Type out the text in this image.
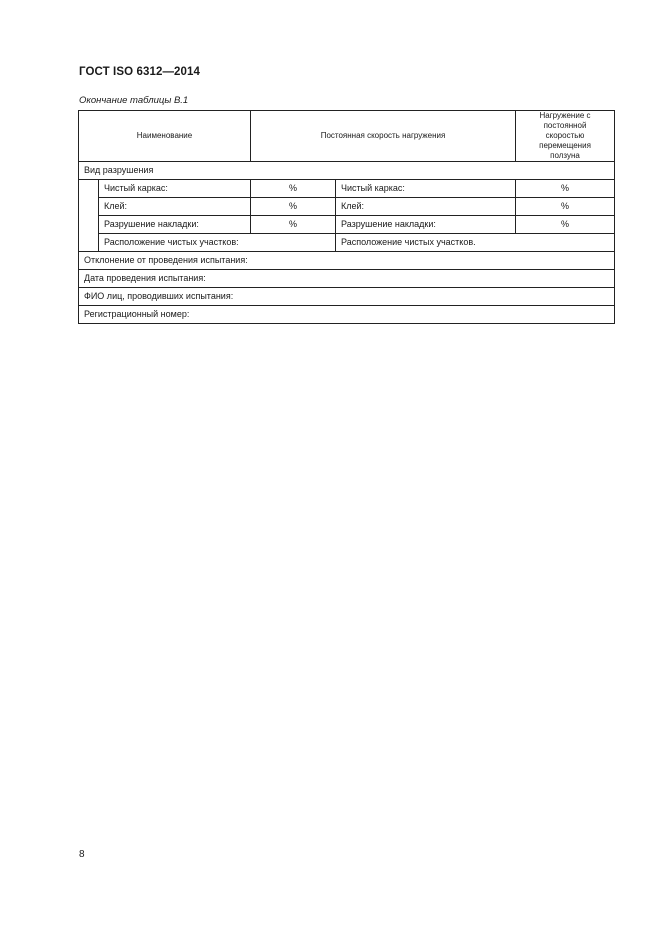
ГОСТ ISO 6312—2014
Окончание таблицы В.1
Наименование		Постоянная скорость нагружения		Нагружение с постоянной скоростью перемещения ползуна
Вид разрушения				
	Чистый каркас:	%	Чистый каркас:	%
	Клей:	%	Клей:	%
	Разрушение накладки:	%	Разрушение накладки:	%
	Расположение чистых участков:		Расположение чистых участков.	
Отклонение от проведения испытания:				
Дата проведения испытания:				
ФИО лиц, проводивших испытания:				
Регистрационный номер:				
8
